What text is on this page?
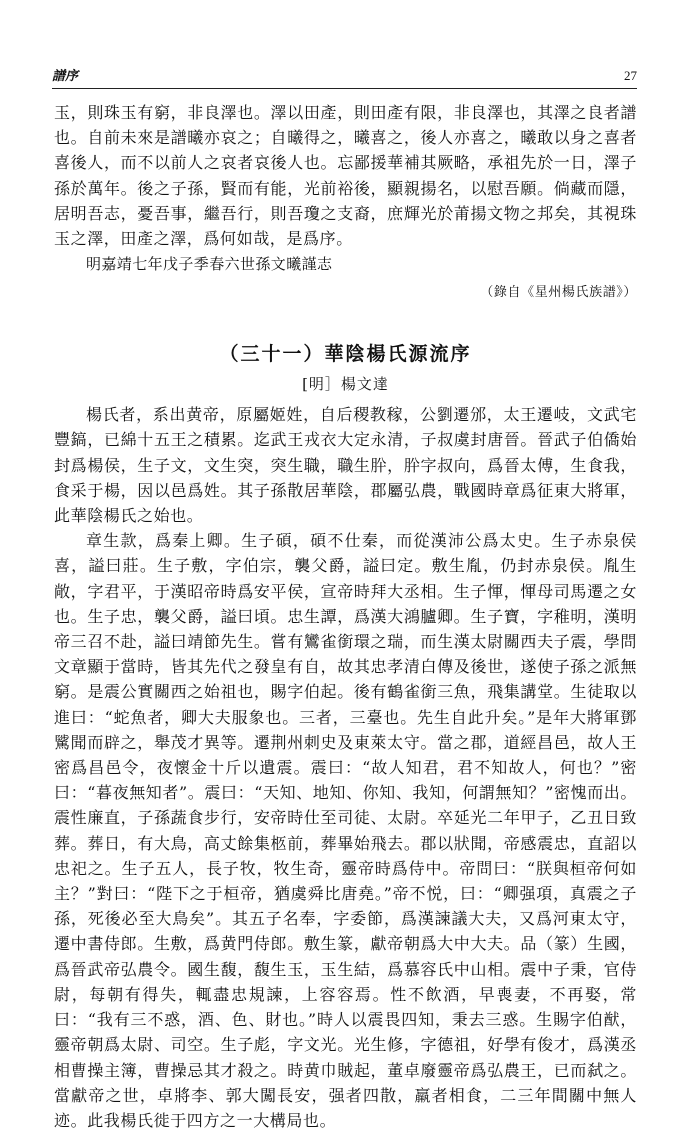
譜序	27

玉，則珠玉有窮，非良澤也。澤以田產，則田產有限，非良澤也，其澤之良者譜也。自前未來是譜曦亦哀之；自曦得之，曦喜之，後人亦喜之，曦敢以身之喜者喜後人，而不以前人之哀者哀後人也。忘鄙援華補其厥略，承祖先於一日，澤子孫於萬年。後之子孫，賢而有能，光前裕後，顯親揚名，以慰吾願。倘藏而隱，居明吾志，憂吾事，繼吾行，則吾瓊之支裔，庶輝光於莆揚文物之邦矣，其視珠玉之澤，田產之澤，爲何如哉，是爲序。

明嘉靖七年戊子季春六世孫文曦謹志

（錄自《星州楊氏族譜》）

（三十一）華陰楊氏源流序

[明］楊文達

楊氏者，系出黄帝，原屬姬姓，自后稷教稼，公劉遷邠，太王遷岐，文武宅豐鎬，已綿十五王之積累。迄武王戎衣大定永清，子叔虞封唐晉。晉武子伯僑始封爲楊侯，生子文，文生突，突生職，職生肸，肸字叔向，爲晉太傅，生食我，食采于楊，因以邑爲姓。其子孫散居華陰，郡屬弘農，戰國時章爲征東大將軍，此華陰楊氏之始也。

章生款，爲秦上卿。生子碩，碩不仕秦，而從漢沛公爲太史。生子赤泉侯喜，謚曰莊。生子敷，字伯宗，襲父爵，謚曰定。敷生胤，仍封赤泉侯。胤生敞，字君平，于漢昭帝時爲安平侯，宣帝時拜大丞相。生子惲，惲母司馬遷之女也。生子忠，襲父爵，謚曰頃。忠生譚，爲漢大鴻臚卿。生子寶，字稚明，漢明帝三召不赴，謚曰靖節先生。嘗有鸞雀銜環之瑞，而生漢太尉關西夫子震，學問文章顯于當時，皆其先代之發皇有自，故其忠孝清白傳及後世，遂使子孫之派無窮。是震公實關西之始祖也，賜字伯起。後有鶴雀銜三魚，飛集講堂。生徒取以進曰：“蛇魚者，卿大夫服象也。三者，三臺也。先生自此升矣。”是年大將軍鄧騭聞而辟之，舉茂才異等。遷荆州刺史及東萊太守。當之郡，道經昌邑，故人王密爲昌邑令，夜懷金十斤以遺震。震曰：“故人知君，君不知故人，何也？”密曰：“暮夜無知者”。震曰：“天知、地知、你知、我知，何謂無知？”密愧而出。震性廉直，子孫蔬食步行，安帝時仕至司徒、太尉。卒延光二年甲子，乙丑日致葬。葬日，有大鳥，高丈餘集柩前，葬畢始飛去。郡以狀聞，帝感震忠，直詔以忠祀之。生子五人，長子牧，牧生奇，靈帝時爲侍中。帝問曰：“朕與桓帝何如主？”對曰：“陛下之于桓帝，猶虞舜比唐堯。”帝不悦，曰：“卿强項，真震之子孫，死後必至大鳥矣”。其五子名奉，字委節，爲漢諫議大夫，又爲河東太守，遷中書侍郎。生敷，爲黄門侍郎。敷生篆，獻帝朝爲大中大夫。品（篆）生國，爲晉武帝弘農令。國生馥，馥生玉，玉生結，爲慕容氏中山相。震中子秉，官侍尉，每朝有得失，輒盡忠規諫，上容容焉。性不飲酒，早喪妻，不再娶，常曰：“我有三不惑，酒、色、財也。”時人以震畏四知，秉去三惑。生賜字伯猷，靈帝朝爲太尉、司空。生子彪，字文光。光生修，字德祖，好學有俊才，爲漢丞相曹操主簿，曹操忌其才殺之。時黄巾賊起，董卓廢靈帝爲弘農王，已而弑之。當獻帝之世，卓將李、郭大闖長安，强者四散，羸者相食，二三年間關中無人迹。此我楊氏徙于四方之一大構局也。
